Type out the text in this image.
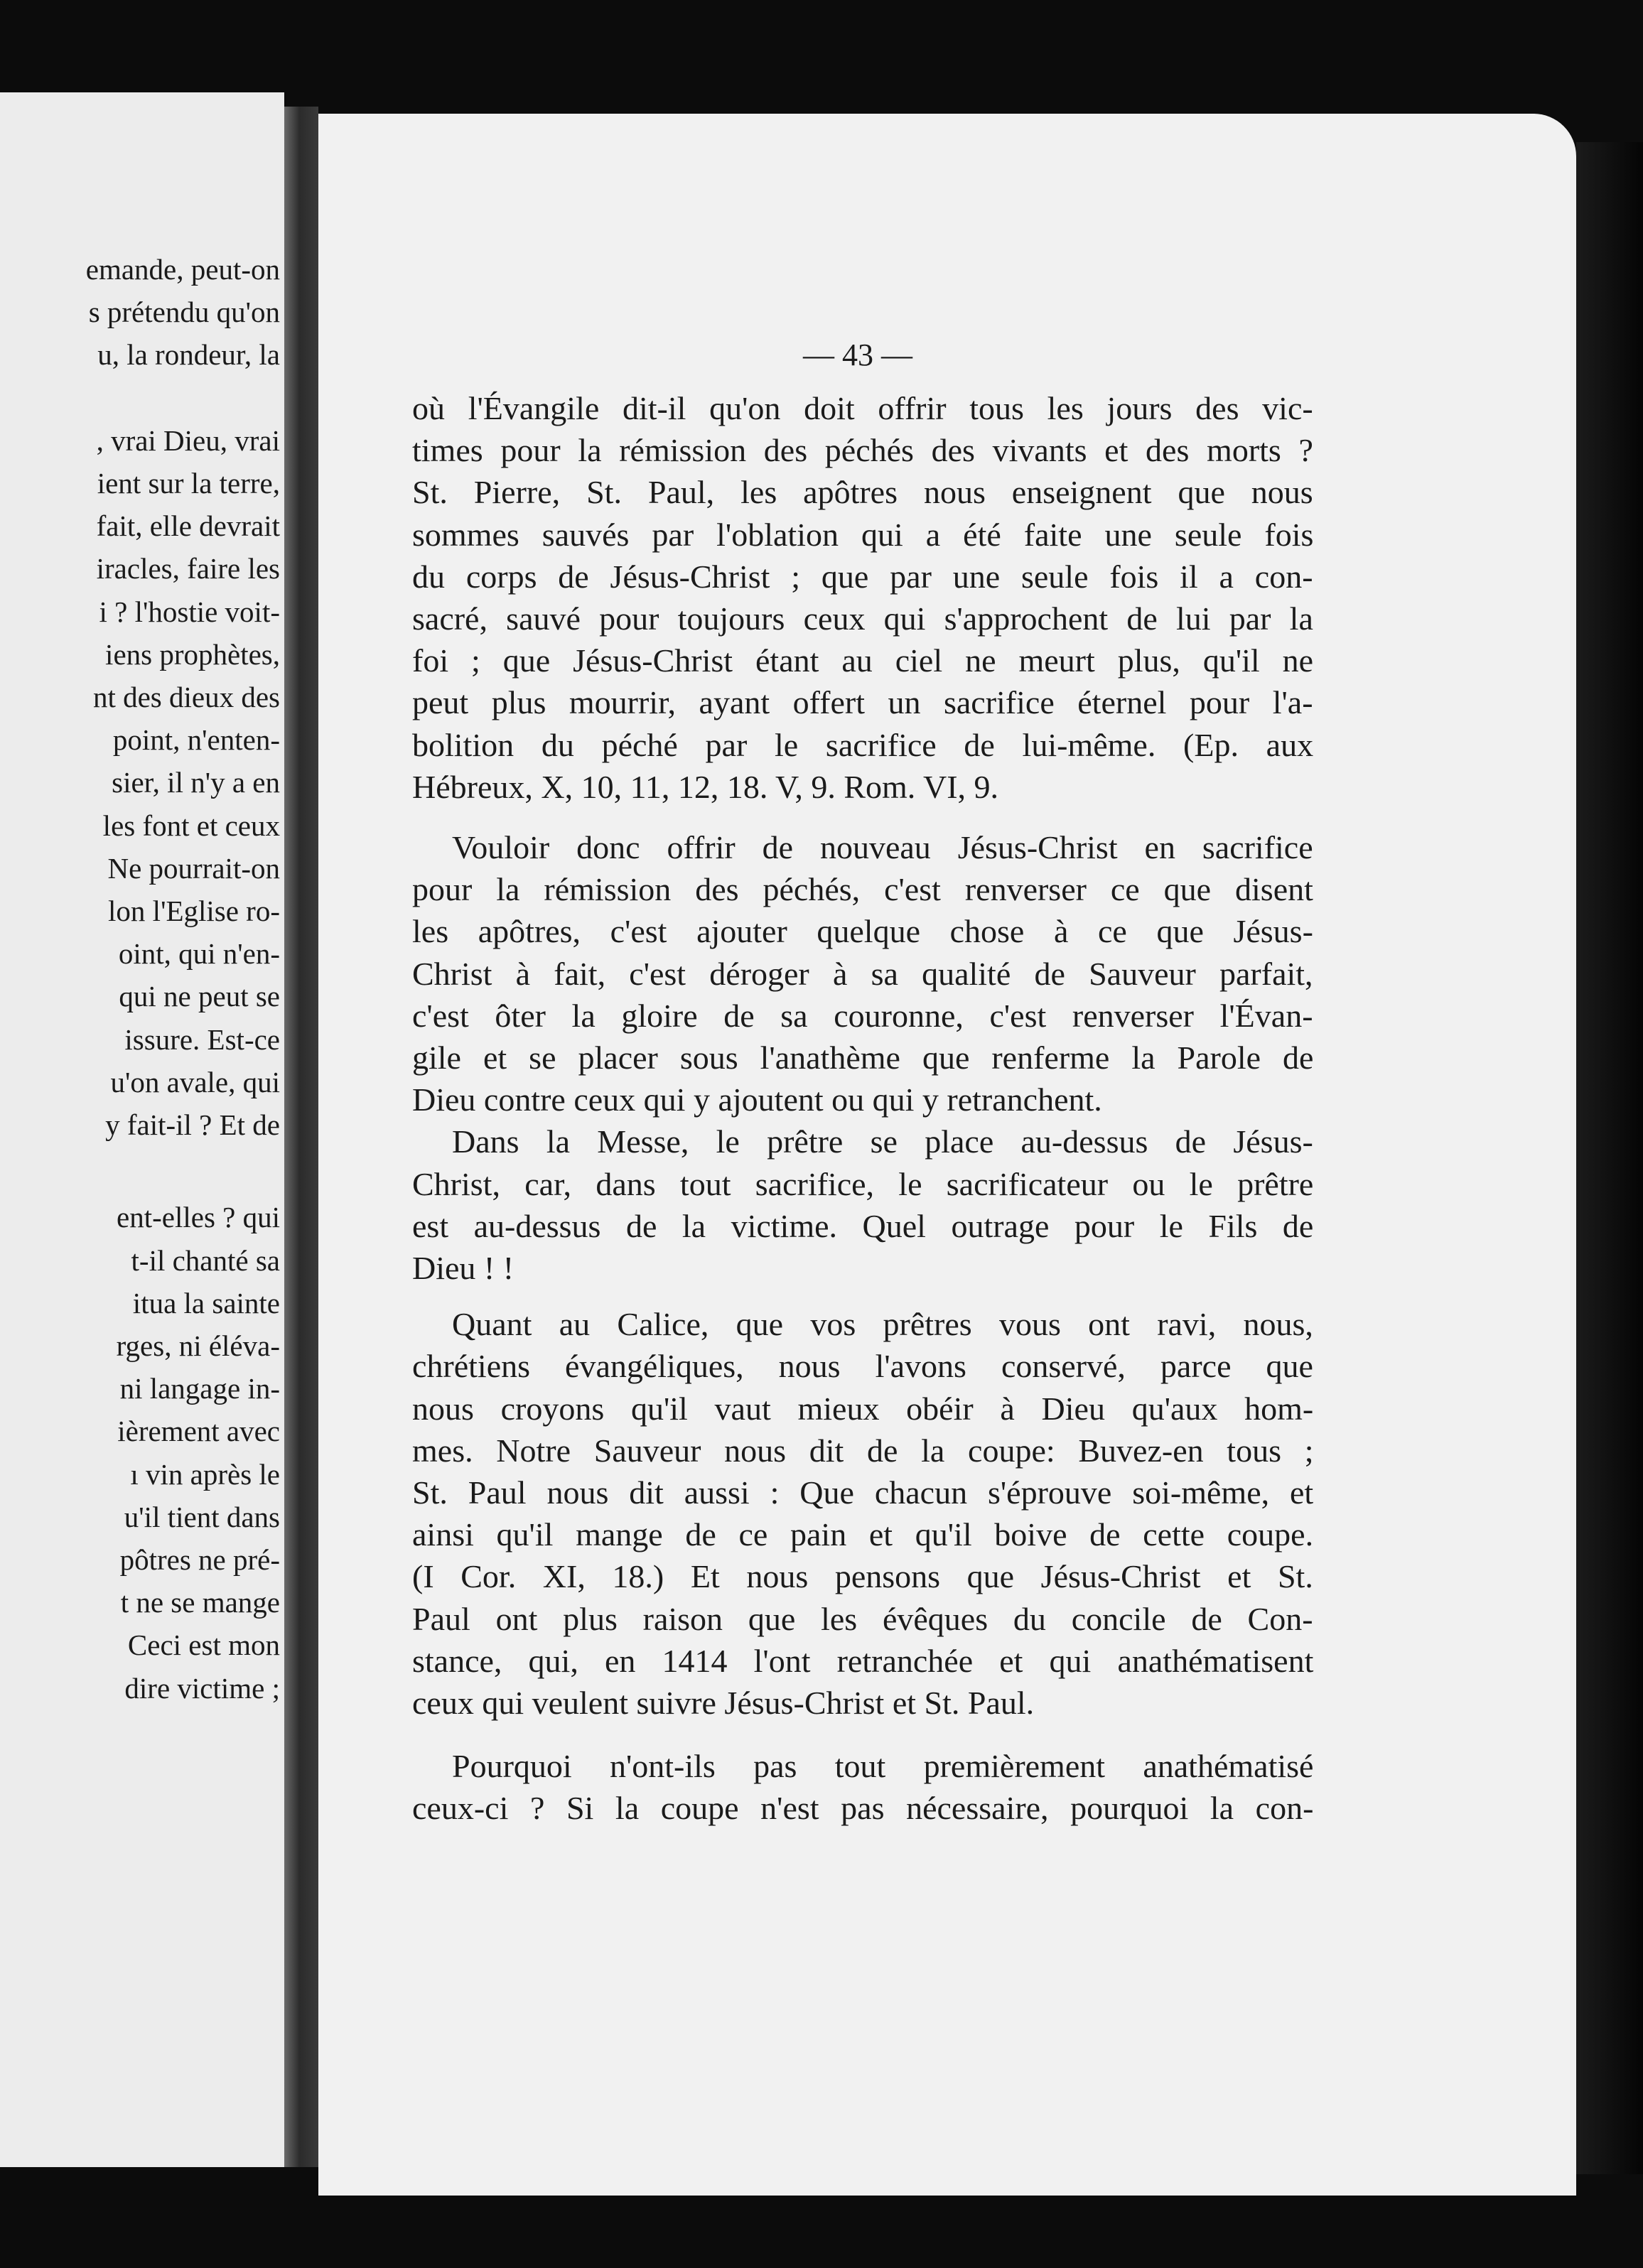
emande, peut-on
s prétendu qu'on
u, la rondeur, la
, vrai Dieu, vrai
ient sur la terre,
fait, elle devrait
iracles, faire les
i ? l'hostie voit-
iens prophètes,
nt des dieux des
point, n'enten-
sier, il n'y a en
les font et ceux
Ne pourrait-on
lon l'Eglise ro-
oint, qui n'en-
qui ne peut se
issure. Est-ce
u'on avale, qui
y fait-il ? Et de
ent-elles ? qui
t-il chanté sa
itua la sainte
rges, ni éléva-
ni langage in-
ièrement avec
ı vin après le
u'il tient dans
pôtres ne pré-
t ne se mange
Ceci est mon
dire victime ;
— 43 —
où l'Évangile dit-il qu'on doit offrir tous les jours des vic-
times pour la rémission des péchés des vivants et des morts ?
St. Pierre, St. Paul, les apôtres nous enseignent que nous
sommes sauvés par l'oblation qui a été faite une seule fois
du corps de Jésus-Christ ; que par une seule fois il a con-
sacré, sauvé pour toujours ceux qui s'approchent de lui par la
foi ; que Jésus-Christ étant au ciel ne meurt plus, qu'il ne
peut plus mourrir, ayant offert un sacrifice éternel pour l'a-
bolition du péché par le sacrifice de lui-même. (Ep. aux
Hébreux, X, 10, 11, 12, 18. V, 9. Rom. VI, 9.
Vouloir donc offrir de nouveau Jésus-Christ en sacrifice
pour la rémission des péchés, c'est renverser ce que disent
les apôtres, c'est ajouter quelque chose à ce que Jésus-
Christ à fait, c'est déroger à sa qualité de Sauveur parfait,
c'est ôter la gloire de sa couronne, c'est renverser l'Évan-
gile et se placer sous l'anathème que renferme la Parole de
Dieu contre ceux qui y ajoutent ou qui y retranchent.
Dans la Messe, le prêtre se place au-dessus de Jésus-
Christ, car, dans tout sacrifice, le sacrificateur ou le prêtre
est au-dessus de la victime. Quel outrage pour le Fils de
Dieu ! !
Quant au Calice, que vos prêtres vous ont ravi, nous,
chrétiens évangéliques, nous l'avons conservé, parce que
nous croyons qu'il vaut mieux obéir à Dieu qu'aux hom-
mes. Notre Sauveur nous dit de la coupe: Buvez-en tous ;
St. Paul nous dit aussi : Que chacun s'éprouve soi-même, et
ainsi qu'il mange de ce pain et qu'il boive de cette coupe.
(I Cor. XI, 18.) Et nous pensons que Jésus-Christ et St.
Paul ont plus raison que les évêques du concile de Con-
stance, qui, en 1414 l'ont retranchée et qui anathématisent
ceux qui veulent suivre Jésus-Christ et St. Paul.
Pourquoi n'ont-ils pas tout premièrement anathématisé
ceux-ci ? Si la coupe n'est pas nécessaire, pourquoi la con-
